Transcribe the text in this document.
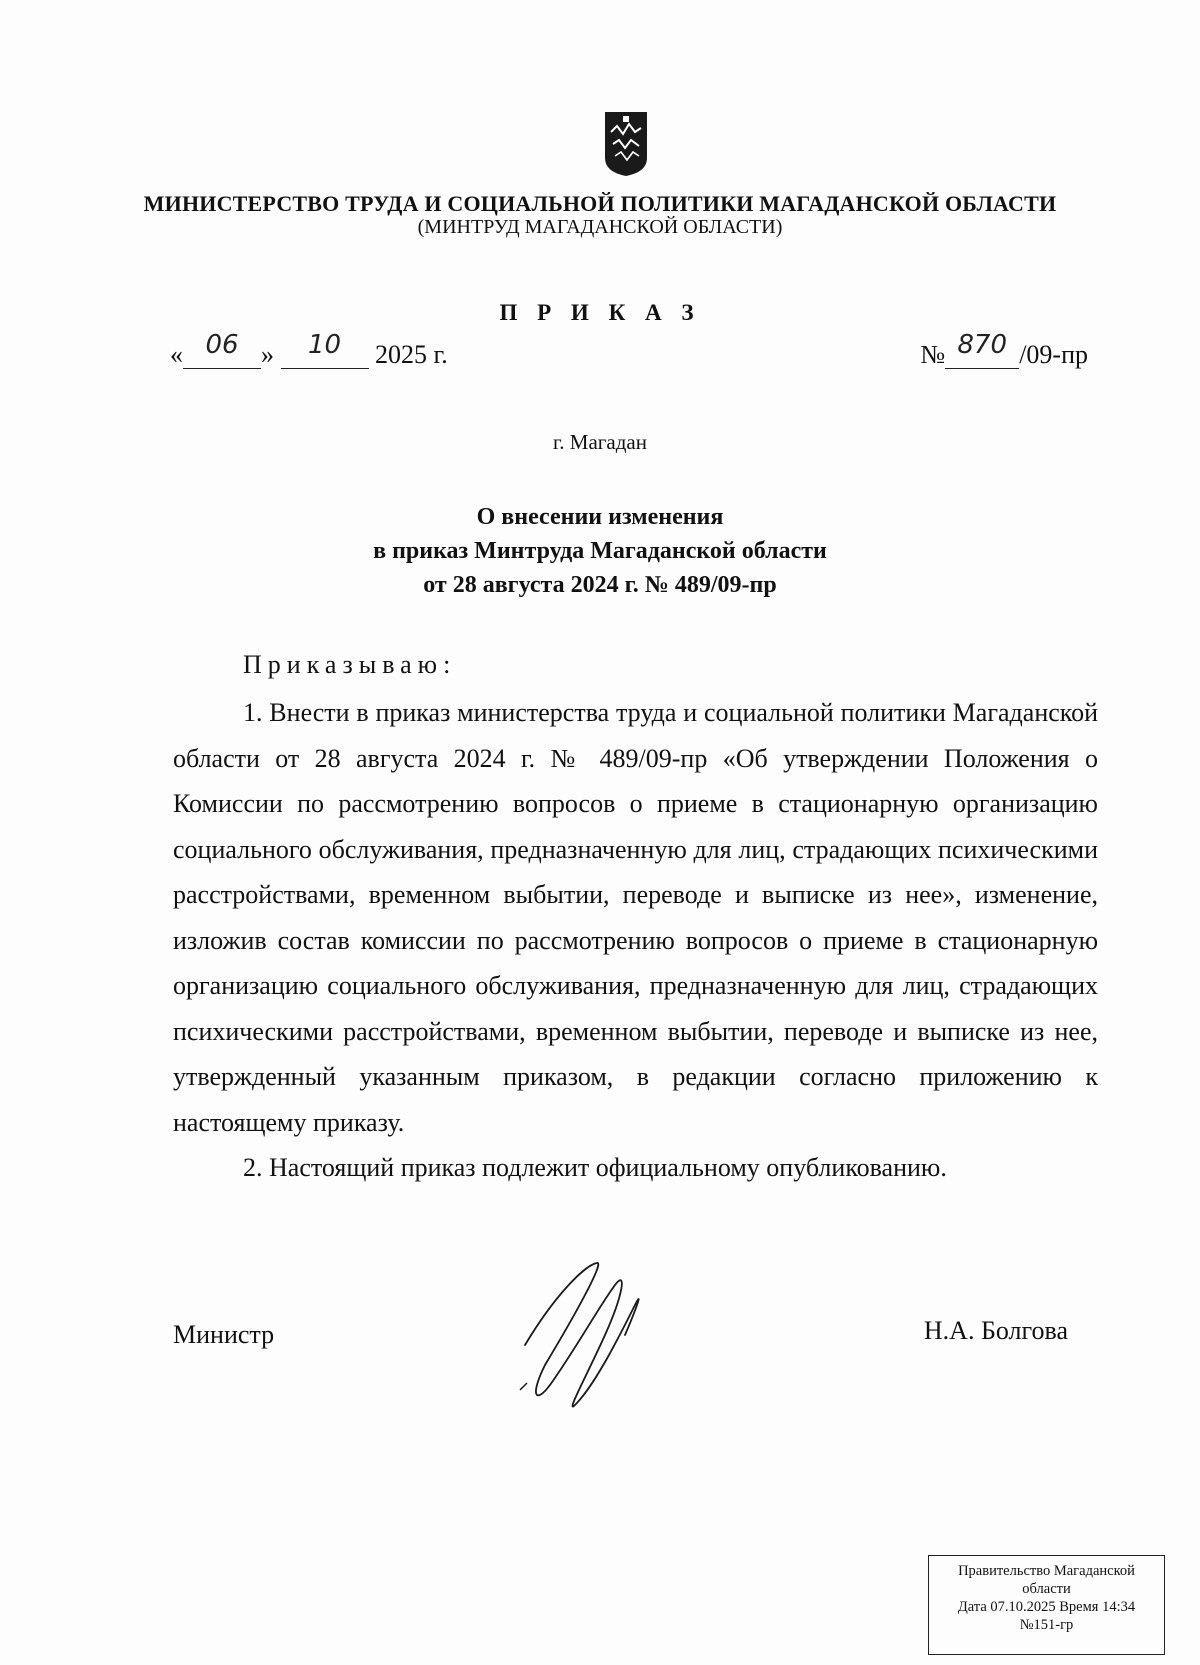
МИНИСТЕРСТВО ТРУДА И СОЦИАЛЬНОЙ ПОЛИТИКИ МАГАДАНСКОЙ ОБЛАСТИ
(МИНТРУД МАГАДАНСКОЙ ОБЛАСТИ)
П Р И К А З
« 06 » 10 2025 г.	№ 870 /09-пр
г. Магадан
О внесении изменения
в приказ Минтруда Магаданской области
от 28 августа 2024 г. № 489/09-пр
Приказываю:

1. Внести в приказ министерства труда и социальной политики Магаданской области от 28 августа 2024 г. № 489/09-пр «Об утверждении Положения о Комиссии по рассмотрению вопросов о приеме в стационарную организацию социального обслуживания, предназначенную для лиц, страдающих психическими расстройствами, временном выбытии, переводе и выписке из нее», изменение, изложив состав комиссии по рассмотрению вопросов о приеме в стационарную организацию социального обслуживания, предназначенную для лиц, страдающих психическими расстройствами, временном выбытии, переводе и выписке из нее, утвержденный указанным приказом, в редакции согласно приложению к настоящему приказу.

2. Настоящий приказ подлежит официальному опубликованию.

Министр	Н.А. Болгова
Правительство Магаданской
области
Дата 07.10.2025 Время 14:34
№151-гр
